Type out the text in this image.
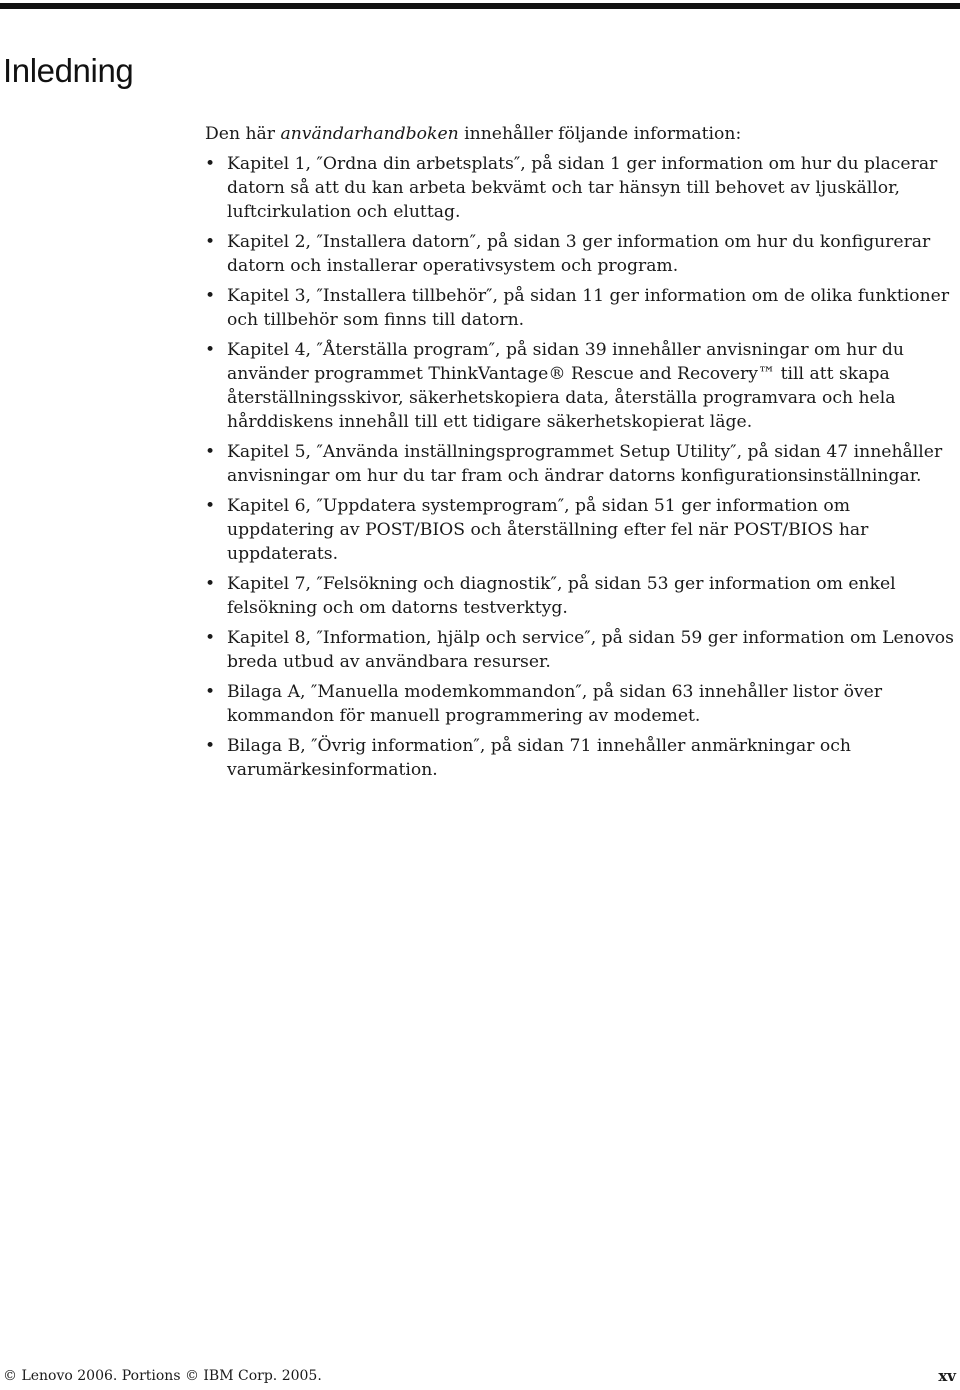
Inledning

Den här användarhandboken innehåller följande information:

• Kapitel 1, ″Ordna din arbetsplats″, på sidan 1 ger information om hur du placerar datorn så att du kan arbeta bekvämt och tar hänsyn till behovet av ljuskällor, luftcirkulation och eluttag.
• Kapitel 2, ″Installera datorn″, på sidan 3 ger information om hur du konfigurerar datorn och installerar operativsystem och program.
• Kapitel 3, ″Installera tillbehör″, på sidan 11 ger information om de olika funktioner och tillbehör som finns till datorn.
• Kapitel 4, ″Återställa program″, på sidan 39 innehåller anvisningar om hur du använder programmet ThinkVantage® Rescue and Recovery™ till att skapa återställningsskivor, säkerhetskopiera data, återställa programvara och hela hårddiskens innehåll till ett tidigare säkerhetskopierat läge.
• Kapitel 5, ″Använda inställningsprogrammet Setup Utility″, på sidan 47 innehåller anvisningar om hur du tar fram och ändrar datorns konfigurationsinställningar.
• Kapitel 6, ″Uppdatera systemprogram″, på sidan 51 ger information om uppdatering av POST/BIOS och återställning efter fel när POST/BIOS har uppdaterats.
• Kapitel 7, ″Felsökning och diagnostik″, på sidan 53 ger information om enkel felsökning och om datorns testverktyg.
• Kapitel 8, ″Information, hjälp och service″, på sidan 59 ger information om Lenovos breda utbud av användbara resurser.
• Bilaga A, ″Manuella modemkommandon″, på sidan 63 innehåller listor över kommandon för manuell programmering av modemet.
• Bilaga B, ″Övrig information″, på sidan 71 innehåller anmärkningar och varumärkesinformation.
© Lenovo 2006. Portions © IBM Corp. 2005.	xv
